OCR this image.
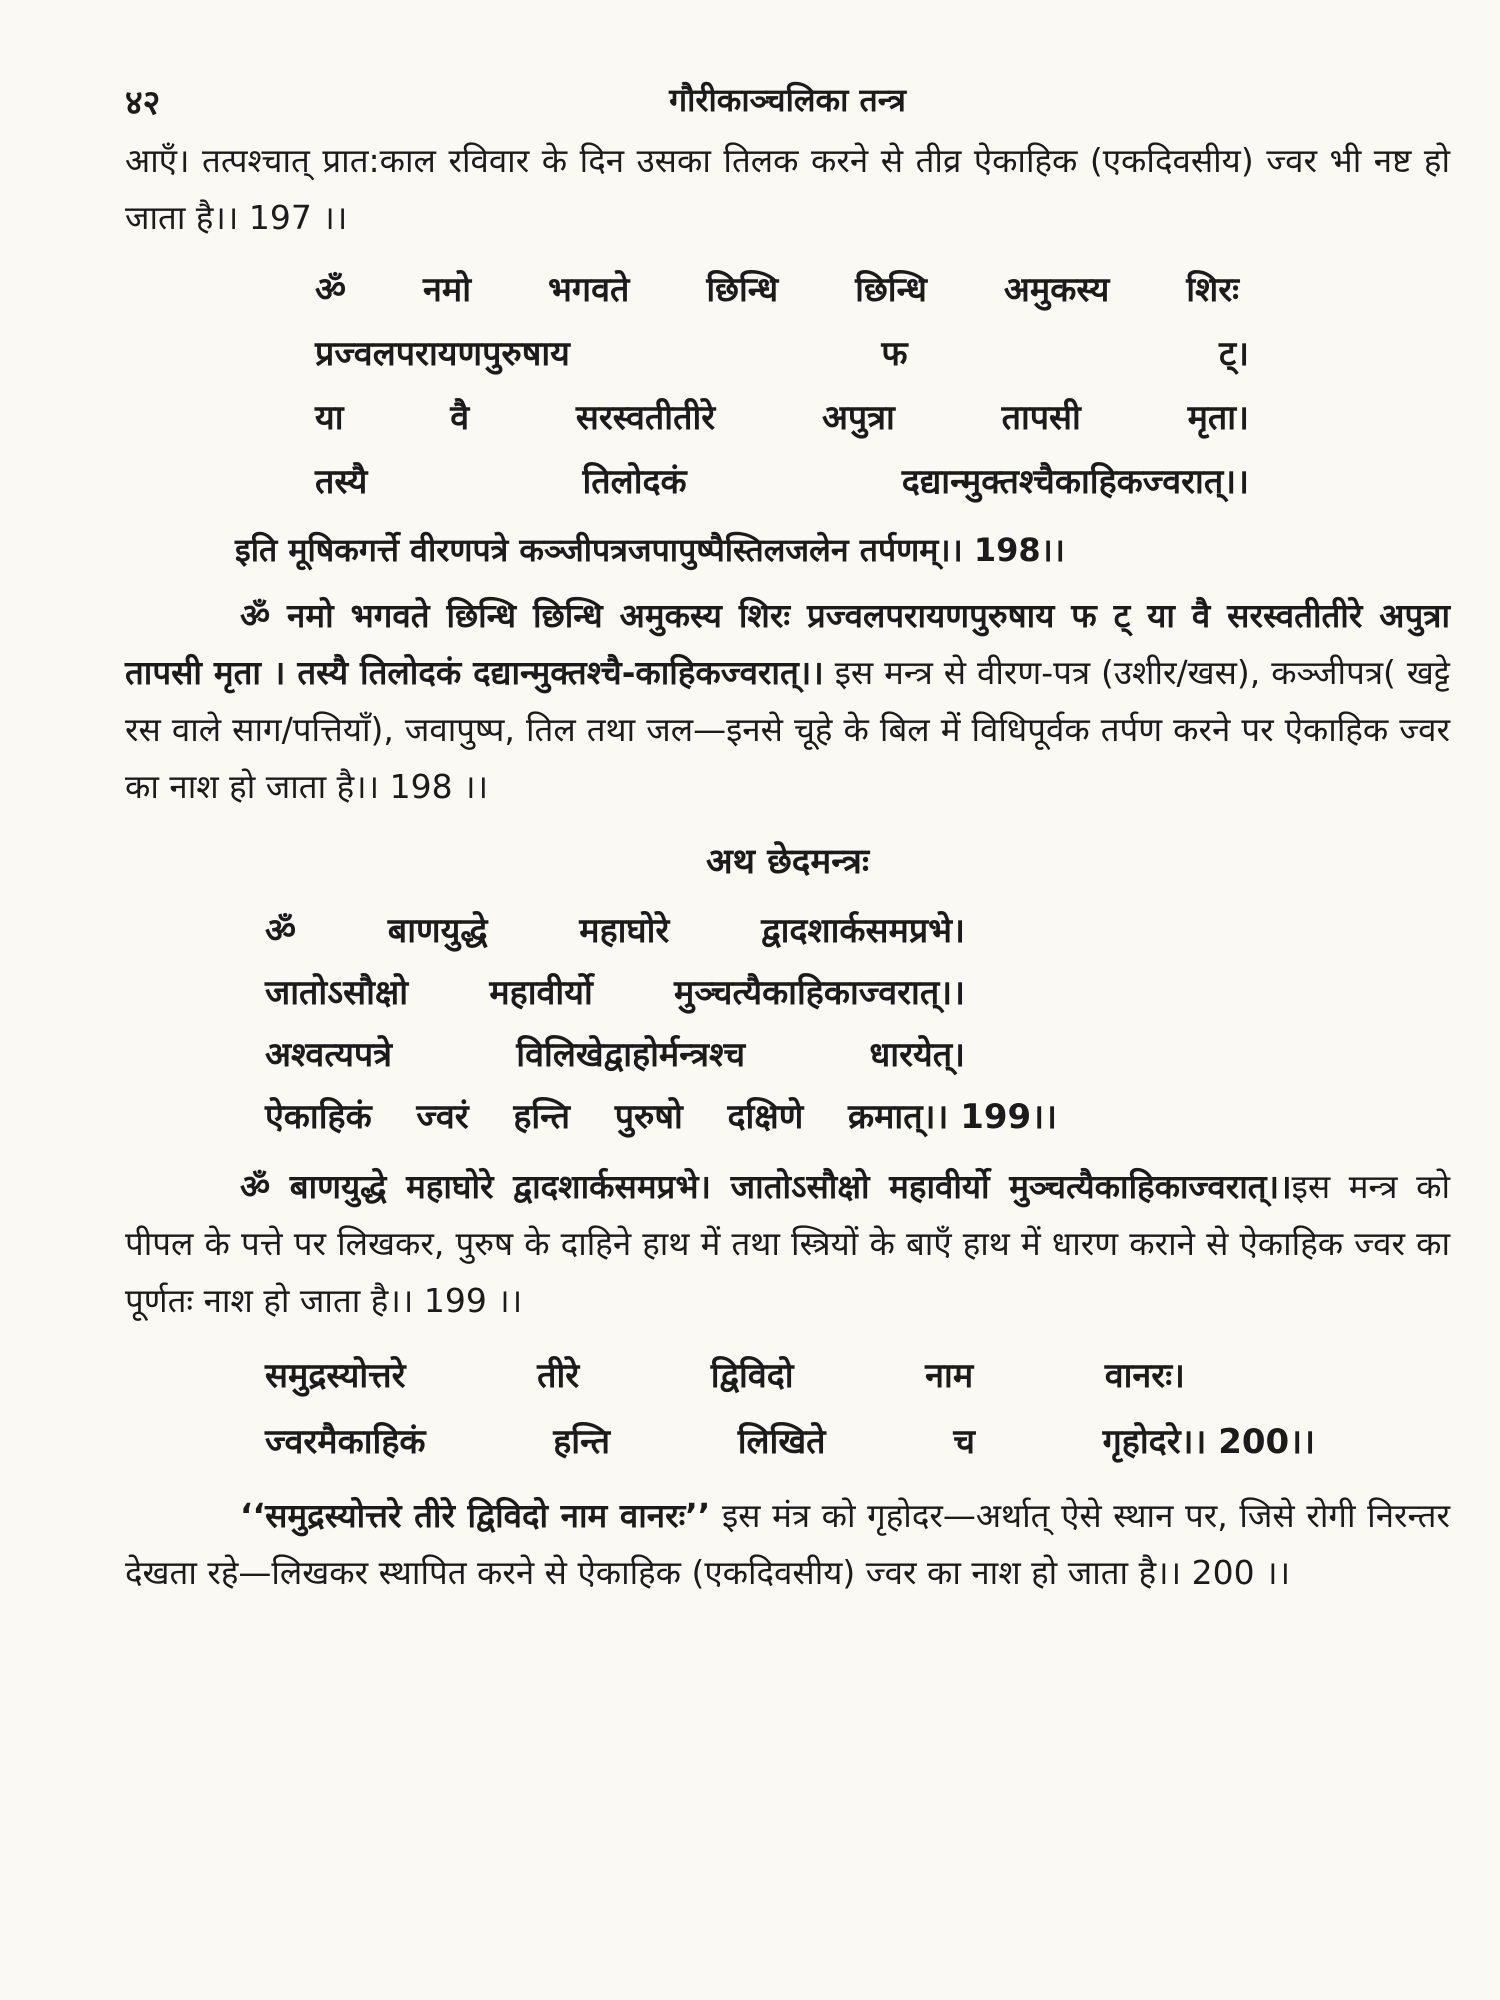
४२	गौरीकाञ्चलिका तन्त्र

आएँ। तत्पश्चात् प्रात:काल रविवार के दिन उसका तिलक करने से तीव्र ऐकाहिक (एकदिवसीय) ज्वर भी नष्ट हो जाता है।। 197 ।।

ॐ नमो भगवते छिन्धि छिन्धि अमुकस्य शिरः
प्रज्वलपरायणपुरुषाय	फ	ट्।
या	वै	सरस्वतीतीरे	अपुत्रा	तापसी	मृता।
तस्यै	तिलोदकं	दद्यान्मुक्तश्चैकाहिकज्वरात्।।

इति मूषिकगर्त्ते वीरणपत्रे कञ्जीपत्रजपापुष्पैस्तिलजलेन तर्पणम्।। 198।।

ॐ नमो भगवते छिन्धि छिन्धि अमुकस्य शिरः प्रज्वलपरायणपुरुषाय फ ट् या वै सरस्वतीतीरे अपुत्रा तापसी मृता । तस्यै तिलोदकं दद्यान्मुक्तश्चै-काहिकज्वरात्।। इस मन्त्र से वीरण-पत्र (उशीर/खस), कञ्जीपत्र( खट्टे रस वाले साग/पत्तियाँ), जवापुष्प, तिल तथा जल—इनसे चूहे के बिल में विधिपूर्वक तर्पण करने पर ऐकाहिक ज्वर का नाश हो जाता है।। 198 ।।

अथ छेदमन्त्रः

ॐ	बाणयुद्धे	महाघोरे	द्वादशार्कसमप्रभे।
जातोऽसौक्षो महावीर्यो मुञ्चत्यैकाहिकाज्वरात्।।
अश्वत्यपत्रे	विलिखेद्वाहोर्मन्त्रश्च	धारयेत्।
ऐकाहिकं ज्वरं हन्ति पुरुषो दक्षिणे क्रमात्।। 199।।

ॐ बाणयुद्धे महाघोरे द्वादशार्कसमप्रभे। जातोऽसौक्षो महावीर्यो मुञ्चत्यैकाहिकाज्वरात्।।इस मन्त्र को पीपल के पत्ते पर लिखकर, पुरुष के दाहिने हाथ में तथा स्त्रियों के बाएँ हाथ में धारण कराने से ऐकाहिक ज्वर का पूर्णतः नाश हो जाता है।। 199 ।।

समुद्रस्योत्तरे	तीरे	द्विविदो	नाम	वानरः।
ज्वरमैकाहिकं	हन्ति	लिखिते	च	गृहोदरे।। 200।।

‘‘समुद्रस्योत्तरे तीरे द्विविदो नाम वानरः’’ इस मंत्र को गृहोदर—अर्थात् ऐसे स्थान पर, जिसे रोगी निरन्तर देखता रहे—लिखकर स्थापित करने से ऐकाहिक (एकदिवसीय) ज्वर का नाश हो जाता है।। 200 ।।
